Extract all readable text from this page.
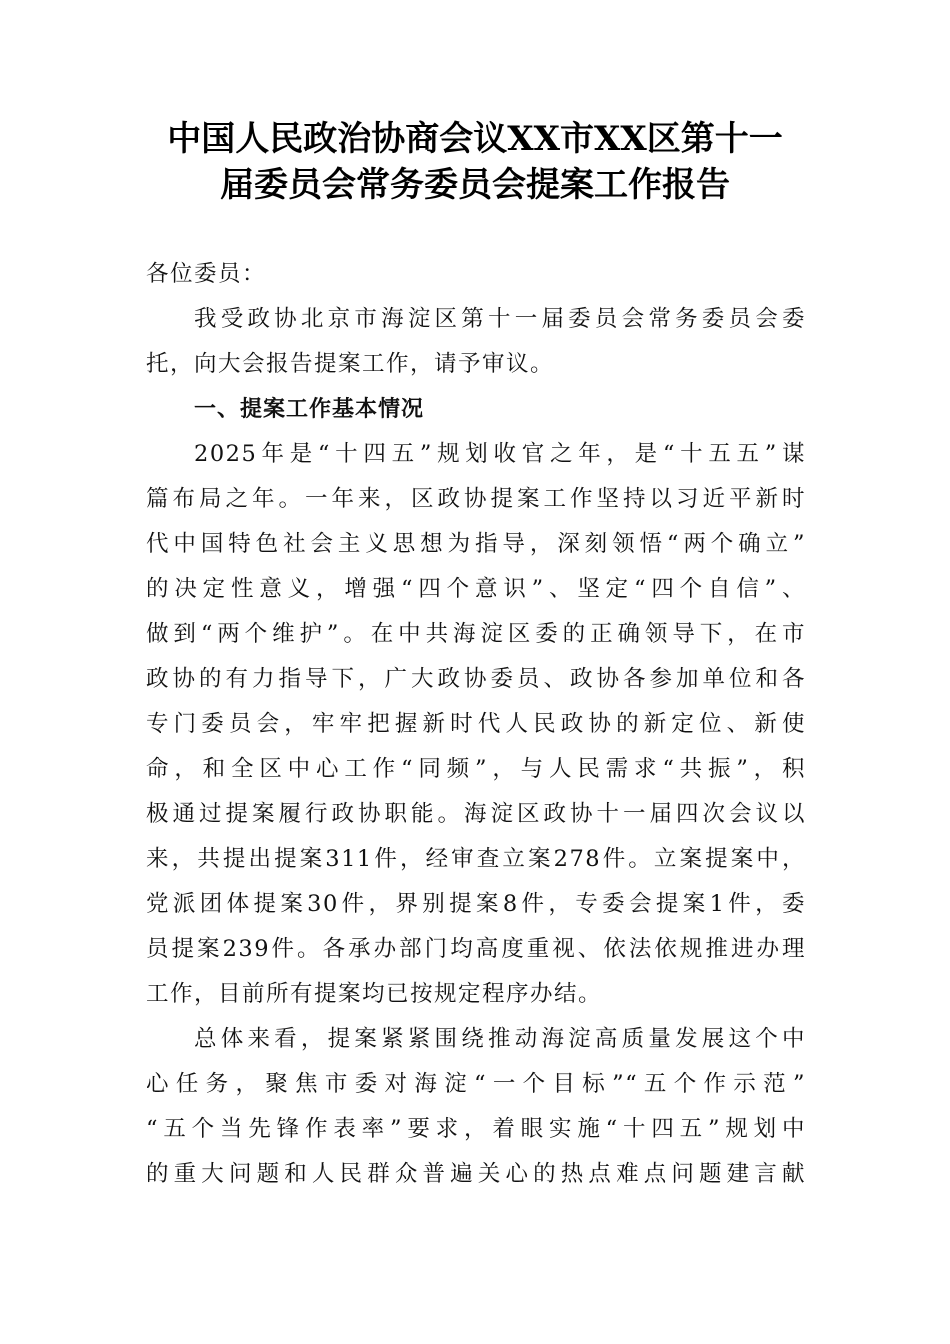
中国人民政治协商会议XX市XX区第十一
届委员会常务委员会提案工作报告
各位委员：
我受政协北京市海淀区第十一届委员会常务委员会委
托，向大会报告提案工作，请予审议。
一、提案工作基本情况
2025年是“十四五”规划收官之年，是“十五五”谋
篇布局之年。一年来，区政协提案工作坚持以习近平新时
代中国特色社会主义思想为指导，深刻领悟“两个确立”
的决定性意义，增强“四个意识”、坚定“四个自信”、
做到“两个维护”。在中共海淀区委的正确领导下，在市
政协的有力指导下，广大政协委员、政协各参加单位和各
专门委员会，牢牢把握新时代人民政协的新定位、新使
命，和全区中心工作“同频”，与人民需求“共振”，积
极通过提案履行政协职能。海淀区政协十一届四次会议以
来，共提出提案311件，经审查立案278件。立案提案中，
党派团体提案30件，界别提案8件，专委会提案1件，委
员提案239件。各承办部门均高度重视、依法依规推进办理
工作，目前所有提案均已按规定程序办结。
总体来看，提案紧紧围绕推动海淀高质量发展这个中
心任务，聚焦市委对海淀“一个目标”“五个作示范”
“五个当先锋作表率”要求，着眼实施“十四五”规划中
的重大问题和人民群众普遍关心的热点难点问题建言献
